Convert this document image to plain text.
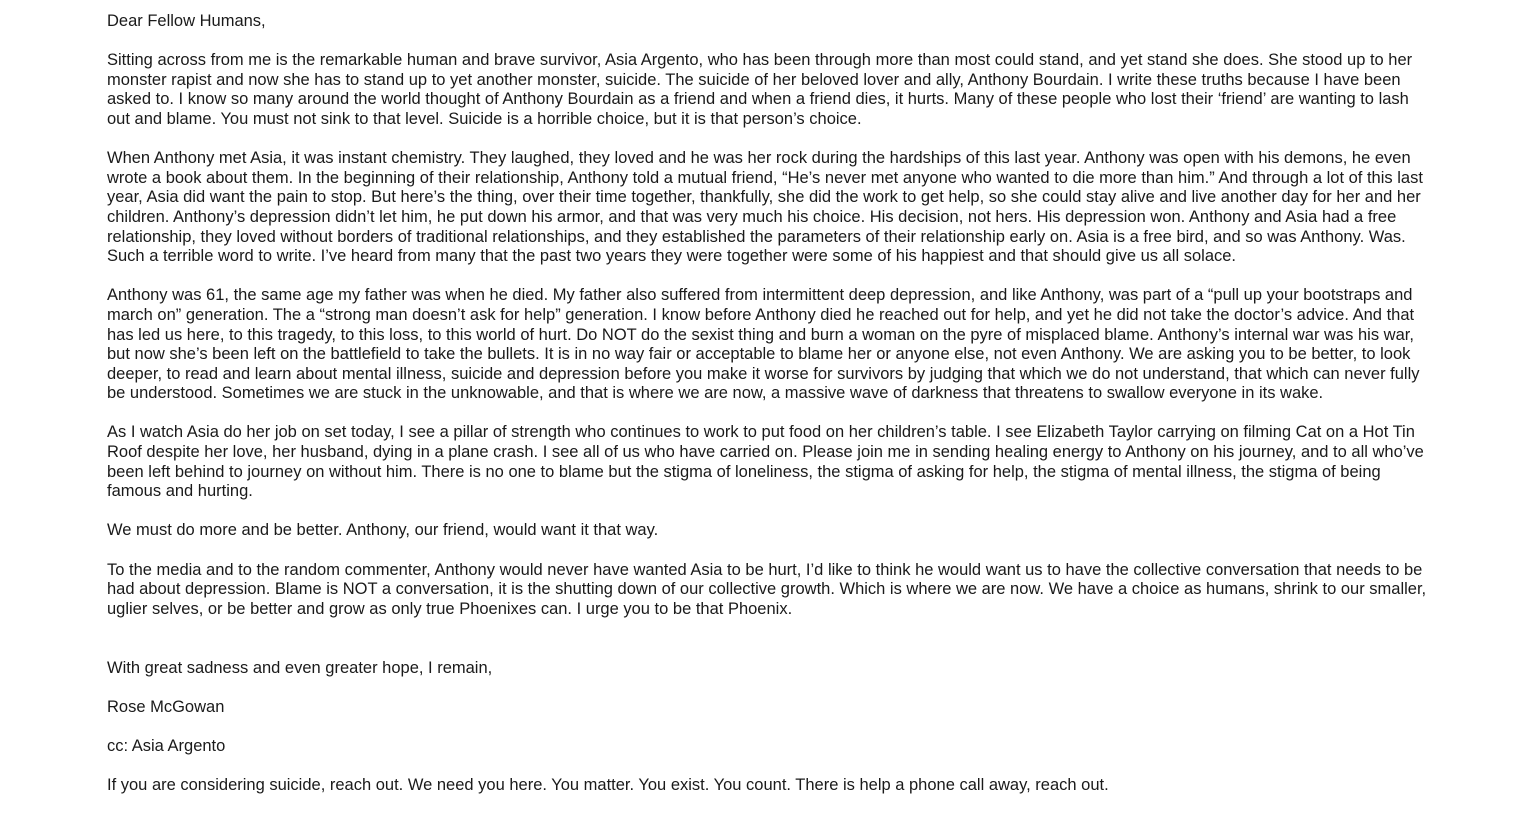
Dear Fellow Humans,

Sitting across from me is the remarkable human and brave survivor, Asia Argento, who has been through more than most could stand, and yet stand she does. She stood up to her monster rapist and now she has to stand up to yet another monster, suicide. The suicide of her beloved lover and ally, Anthony Bourdain. I write these truths because I have been asked to. I know so many around the world thought of Anthony Bourdain as a friend and when a friend dies, it hurts. Many of these people who lost their ‘friend’ are wanting to lash out and blame. You must not sink to that level. Suicide is a horrible choice, but it is that person’s choice.

When Anthony met Asia, it was instant chemistry. They laughed, they loved and he was her rock during the hardships of this last year. Anthony was open with his demons, he even wrote a book about them. In the beginning of their relationship, Anthony told a mutual friend, “He’s never met anyone who wanted to die more than him.” And through a lot of this last year, Asia did want the pain to stop. But here’s the thing, over their time together, thankfully, she did the work to get help, so she could stay alive and live another day for her and her children. Anthony’s depression didn’t let him, he put down his armor, and that was very much his choice. His decision, not hers. His depression won. Anthony and Asia had a free relationship, they loved without borders of traditional relationships, and they established the parameters of their relationship early on. Asia is a free bird, and so was Anthony. Was. Such a terrible word to write. I’ve heard from many that the past two years they were together were some of his happiest and that should give us all solace.

Anthony was 61, the same age my father was when he died. My father also suffered from intermittent deep depression, and like Anthony, was part of a “pull up your bootstraps and march on” generation. The a “strong man doesn’t ask for help” generation. I know before Anthony died he reached out for help, and yet he did not take the doctor’s advice. And that has led us here, to this tragedy, to this loss, to this world of hurt. Do NOT do the sexist thing and burn a woman on the pyre of misplaced blame. Anthony’s internal war was his war, but now she’s been left on the battlefield to take the bullets. It is in no way fair or acceptable to blame her or anyone else, not even Anthony. We are asking you to be better, to look deeper, to read and learn about mental illness, suicide and depression before you make it worse for survivors by judging that which we do not understand, that which can never fully be understood. Sometimes we are stuck in the unknowable, and that is where we are now, a massive wave of darkness that threatens to swallow everyone in its wake.

As I watch Asia do her job on set today, I see a pillar of strength who continues to work to put food on her children’s table. I see Elizabeth Taylor carrying on filming Cat on a Hot Tin Roof despite her love, her husband, dying in a plane crash. I see all of us who have carried on. Please join me in sending healing energy to Anthony on his journey, and to all who’ve been left behind to journey on without him. There is no one to blame but the stigma of loneliness, the stigma of asking for help, the stigma of mental illness, the stigma of being famous and hurting.

We must do more and be better. Anthony, our friend, would want it that way.

To the media and to the random commenter, Anthony would never have wanted Asia to be hurt, I’d like to think he would want us to have the collective conversation that needs to be had about depression. Blame is NOT a conversation, it is the shutting down of our collective growth. Which is where we are now. We have a choice as humans, shrink to our smaller, uglier selves, or be better and grow as only true Phoenixes can. I urge you to be that Phoenix.

With great sadness and even greater hope, I remain,

Rose McGowan

cc: Asia Argento

If you are considering suicide, reach out. We need you here. You matter. You exist. You count. There is help a phone call away, reach out.
